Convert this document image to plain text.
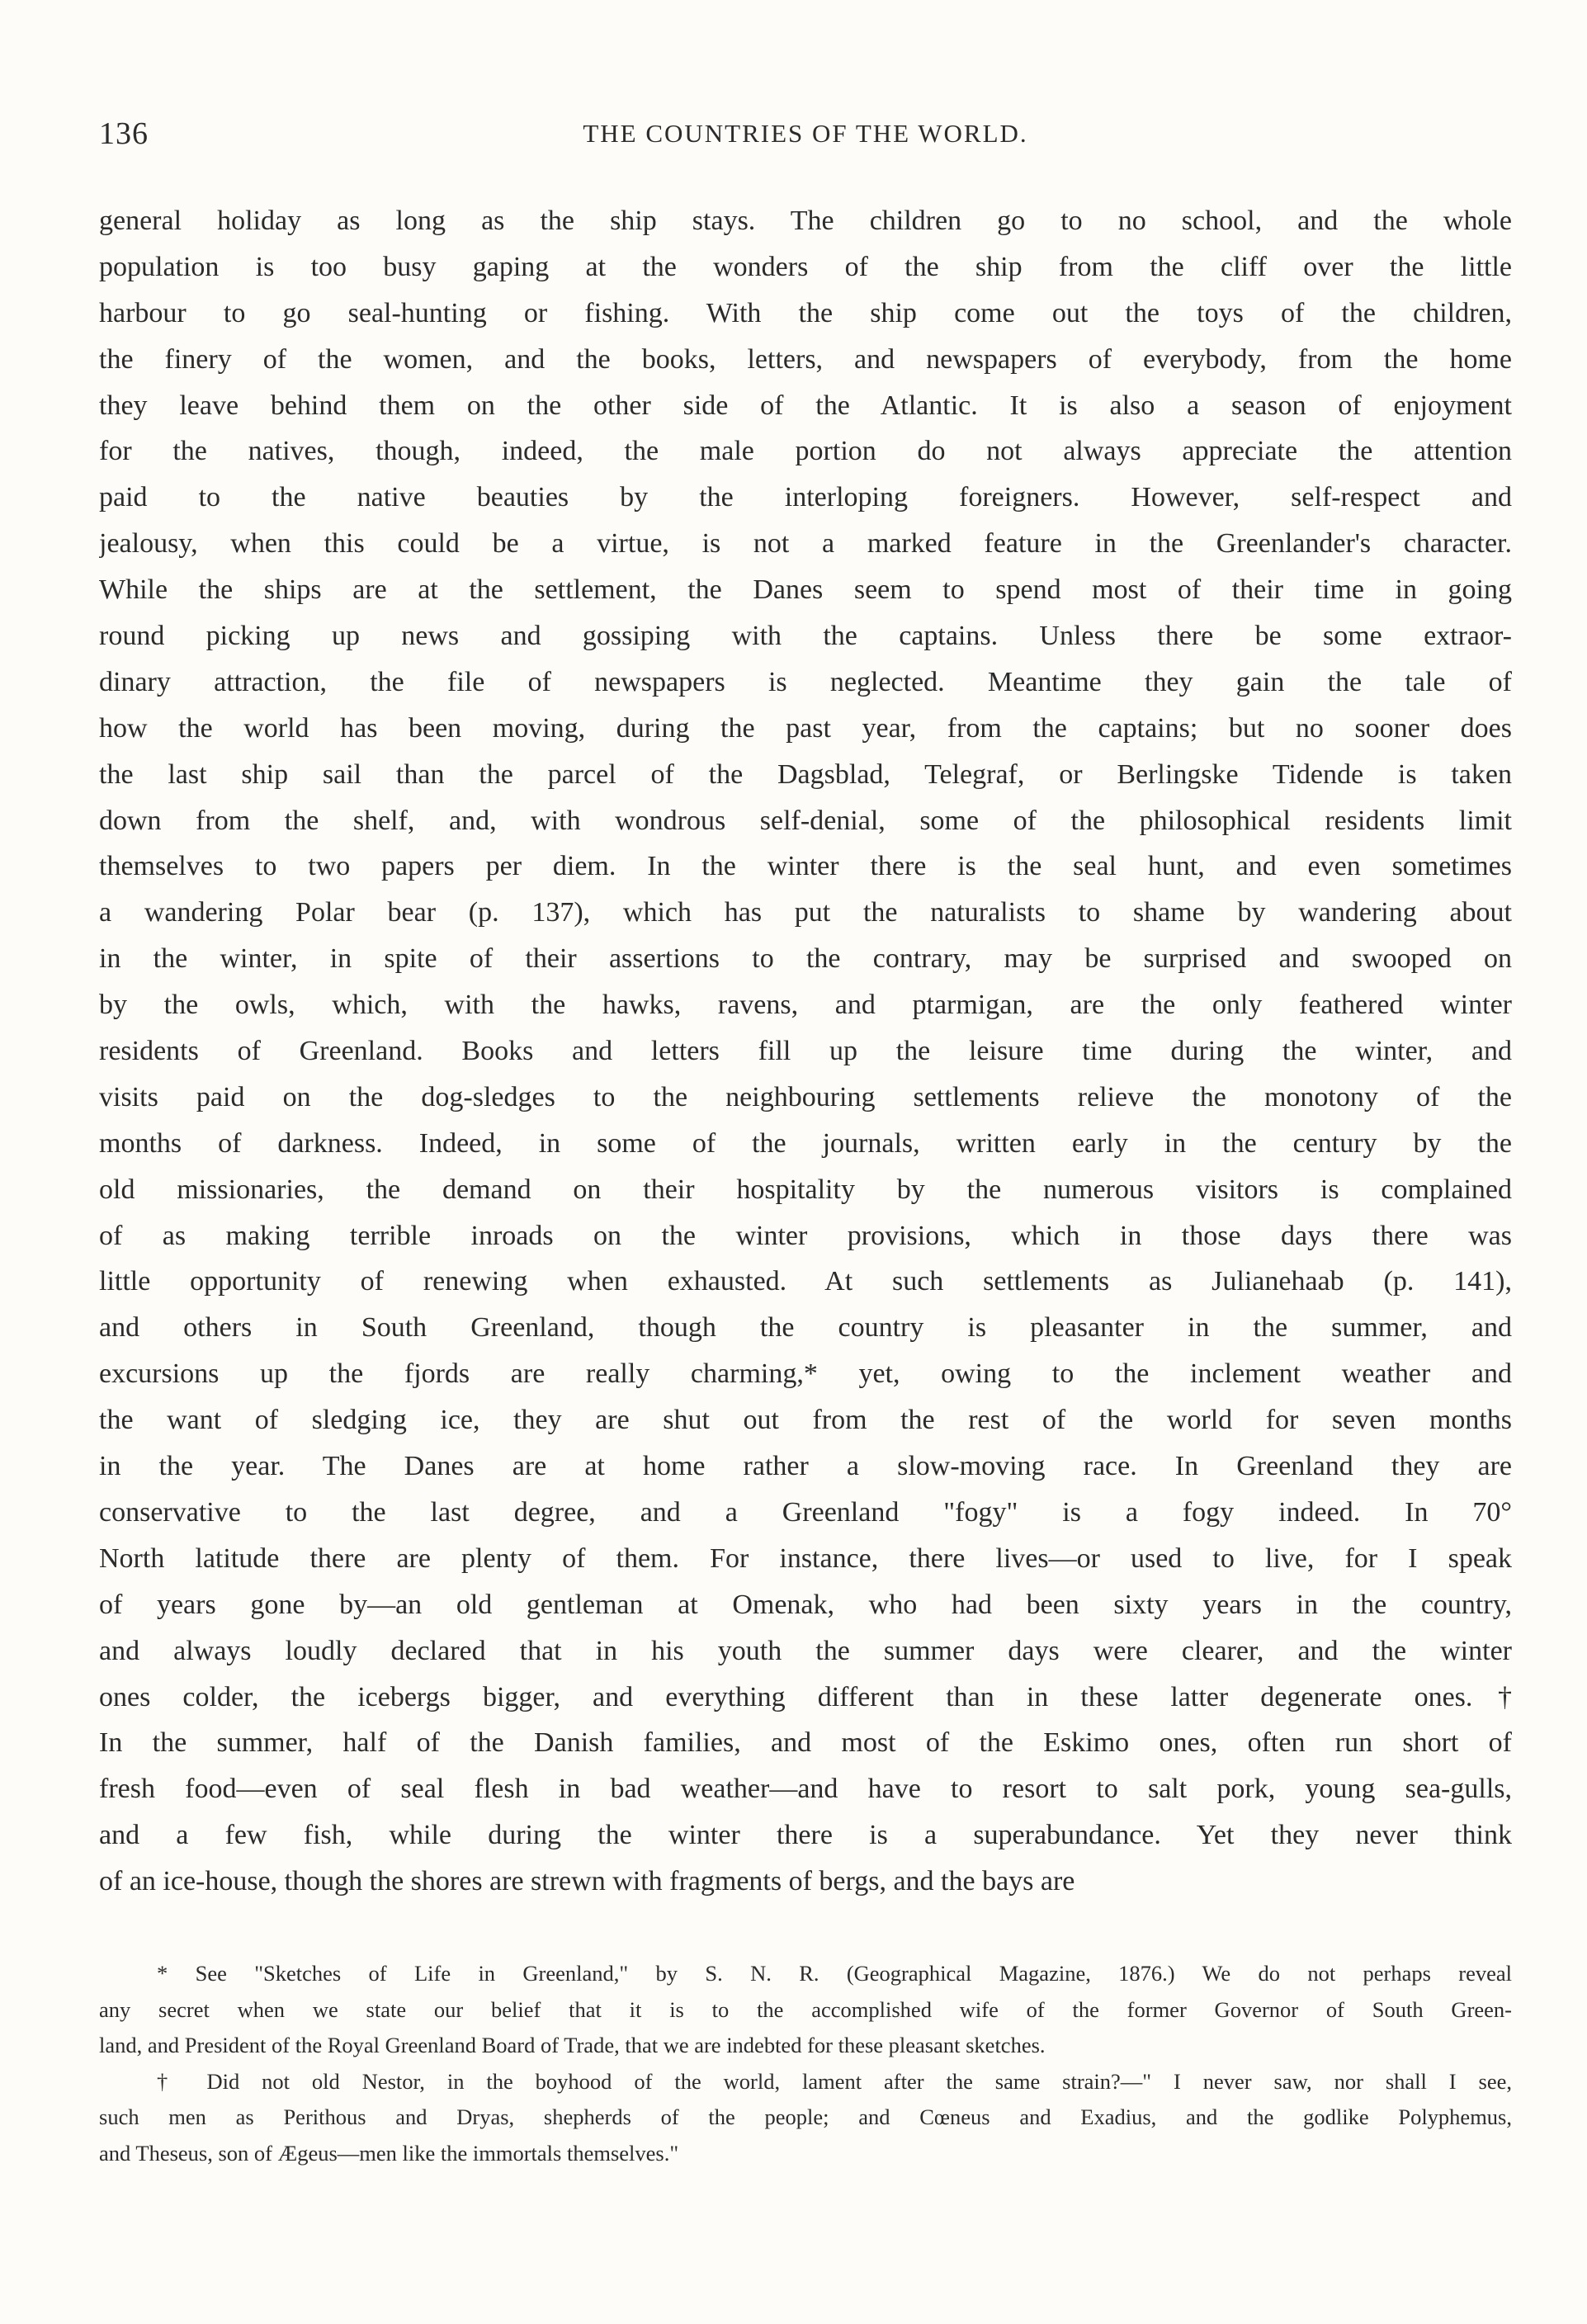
136	THE COUNTRIES OF THE WORLD.
general holiday as long as the ship stays. The children go to no school, and the whole
population is too busy gaping at the wonders of the ship from the cliff over the little
harbour to go seal-hunting or fishing. With the ship come out the toys of the children,
the finery of the women, and the books, letters, and newspapers of everybody, from the home
they leave behind them on the other side of the Atlantic. It is also a season of enjoyment
for the natives, though, indeed, the male portion do not always appreciate the attention
paid to the native beauties by the interloping foreigners. However, self-respect and
jealousy, when this could be a virtue, is not a marked feature in the Greenlander's character.
While the ships are at the settlement, the Danes seem to spend most of their time in going
round picking up news and gossiping with the captains. Unless there be some extraor-
dinary attraction, the file of newspapers is neglected. Meantime they gain the tale of
how the world has been moving, during the past year, from the captains; but no sooner does
the last ship sail than the parcel of the Dagsblad, Telegraf, or Berlingske Tidende is taken
down from the shelf, and, with wondrous self-denial, some of the philosophical residents limit
themselves to two papers per diem. In the winter there is the seal hunt, and even sometimes
a wandering Polar bear (p. 137), which has put the naturalists to shame by wandering about
in the winter, in spite of their assertions to the contrary, may be surprised and swooped on
by the owls, which, with the hawks, ravens, and ptarmigan, are the only feathered winter
residents of Greenland. Books and letters fill up the leisure time during the winter, and
visits paid on the dog-sledges to the neighbouring settlements relieve the monotony of the
months of darkness. Indeed, in some of the journals, written early in the century by the
old missionaries, the demand on their hospitality by the numerous visitors is complained
of as making terrible inroads on the winter provisions, which in those days there was
little opportunity of renewing when exhausted. At such settlements as Julianehaab (p. 141),
and others in South Greenland, though the country is pleasanter in the summer, and
excursions up the fjords are really charming,* yet, owing to the inclement weather and
the want of sledging ice, they are shut out from the rest of the world for seven months
in the year. The Danes are at home rather a slow-moving race. In Greenland they are
conservative to the last degree, and a Greenland "fogy" is a fogy indeed. In 70°
North latitude there are plenty of them. For instance, there lives—or used to live, for I speak
of years gone by—an old gentleman at Omenak, who had been sixty years in the country,
and always loudly declared that in his youth the summer days were clearer, and the winter
ones colder, the icebergs bigger, and everything different than in these latter degenerate ones.†
In the summer, half of the Danish families, and most of the Eskimo ones, often run short of
fresh food—even of seal flesh in bad weather—and have to resort to salt pork, young sea-gulls,
and a few fish, while during the winter there is a superabundance. Yet they never think
of an ice-house, though the shores are strewn with fragments of bergs, and the bays are
* See "Sketches of Life in Greenland," by S. N. R. (Geographical Magazine, 1876.) We do not perhaps reveal
any secret when we state our belief that it is to the accomplished wife of the former Governor of South Green-
land, and President of the Royal Greenland Board of Trade, that we are indebted for these pleasant sketches.
† Did not old Nestor, in the boyhood of the world, lament after the same strain?—" I never saw, nor shall I see,
such men as Perithous and Dryas, shepherds of the people; and Cœneus and Exadius, and the godlike Polyphemus,
and Theseus, son of Ægeus—men like the immortals themselves."
